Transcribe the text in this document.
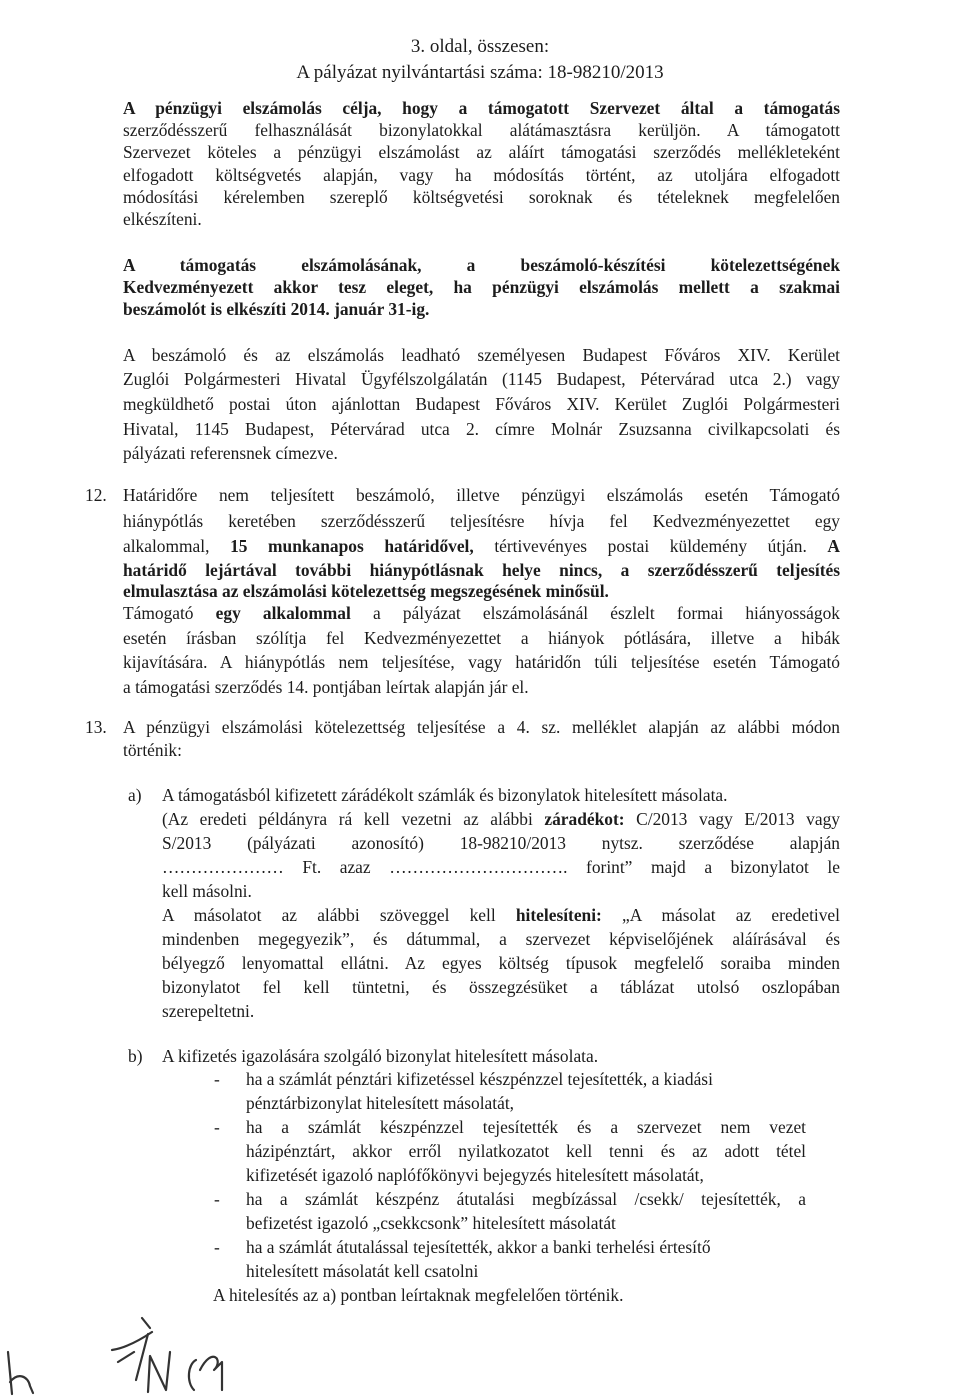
3. oldal, összesen:
A pályázat nyilvántartási száma: 18-98210/2013
A pénzügyi elszámolás célja, hogy a támogatott Szervezet által a támogatás
szerződésszerű felhasználását bizonylatokkal alátámasztásra kerüljön. A támogatott
Szervezet köteles a pénzügyi elszámolást az aláírt támogatási szerződés mellékleteként
elfogadott költségvetés alapján, vagy ha módosítás történt, az utoljára elfogadott
módosítási kérelemben szereplő költségvetési soroknak és tételeknek megfelelően
elkészíteni.
A támogatás elszámolásának, a beszámoló-készítési kötelezettségének
Kedvezményezett akkor tesz eleget, ha pénzügyi elszámolás mellett a szakmai
beszámolót is elkészíti 2014. január 31-ig.
A beszámoló és az elszámolás leadható személyesen Budapest Főváros XIV. Kerület
Zuglói Polgármesteri Hivatal Ügyfélszolgálatán (1145 Budapest, Pétervárad utca 2.) vagy
megküldhető postai úton ajánlottan Budapest Főváros XIV. Kerület Zuglói Polgármesteri
Hivatal, 1145 Budapest, Pétervárad utca 2. címre Molnár Zsuzsanna civilkapcsolati és
pályázati referensnek címezve.
12. Határidőre nem teljesített beszámoló, illetve pénzügyi elszámolás esetén Támogató
hiánypótlás keretében szerződésszerű teljesítésre hívja fel Kedvezményezettet egy
alkalommal, 15 munkanapos határidővel, tértivevényes postai küldemény útján. A
határidő lejártával további hiánypótlásnak helye nincs, a szerződésszerű teljesítés
elmulasztása az elszámolási kötelezettség megszegésének minősül.
Támogató egy alkalommal a pályázat elszámolásánál észlelt formai hiányosságok
esetén írásban szólítja fel Kedvezményezettet a hiányok pótlására, illetve a hibák
kijavítására. A hiánypótlás nem teljesítése, vagy határidőn túli teljesítése esetén Támogató
a támogatási szerződés 14. pontjában leírtak alapján jár el.
13. A pénzügyi elszámolási kötelezettség teljesítése a 4. sz. melléklet alapján az alábbi módon
történik:
a) A támogatásból kifizetett zárádékolt számlák és bizonylatok hitelesített másolata.
(Az eredeti példányra rá kell vezetni az alábbi záradékot: C/2013 vagy E/2013 vagy
S/2013 (pályázati azonosító) 18-98210/2013 nytsz. szerződése alapján
………………… Ft. azaz …………………………. forint” majd a bizonylatot le
kell másolni.
A másolatot az alábbi szöveggel kell hitelesíteni: „A másolat az eredetivel
mindenben megegyezik”, és dátummal, a szervezet képviselőjének aláírásával és
bélyegző lenyomattal ellátni. Az egyes költség típusok megfelelő soraiba minden
bizonylatot fel kell tüntetni, és összegzésüket a táblázat utolsó oszlopában
szerepeltetni.
b) A kifizetés igazolására szolgáló bizonylat hitelesített másolata.
- ha a számlát pénztári kifizetéssel készpénzzel tejesítették, a kiadási
pénztárbizonylat hitelesített másolatát,
- ha a számlát készpénzzel tejesítették és a szervezet nem vezet
házipénztárt, akkor erről nyilatkozatot kell tenni és az adott tétel
kifizetését igazoló naplófőkönyvi bejegyzés hitelesített másolatát,
- ha a számlát készpénz átutalási megbízással /csekk/ tejesítették, a
befizetést igazoló „csekkcsonk” hitelesített másolatát
- ha a számlát átutalással tejesítették, akkor a banki terhelési értesítő
hitelesített másolatát kell csatolni
A hitelesítés az a) pontban leírtaknak megfelelően történik.
